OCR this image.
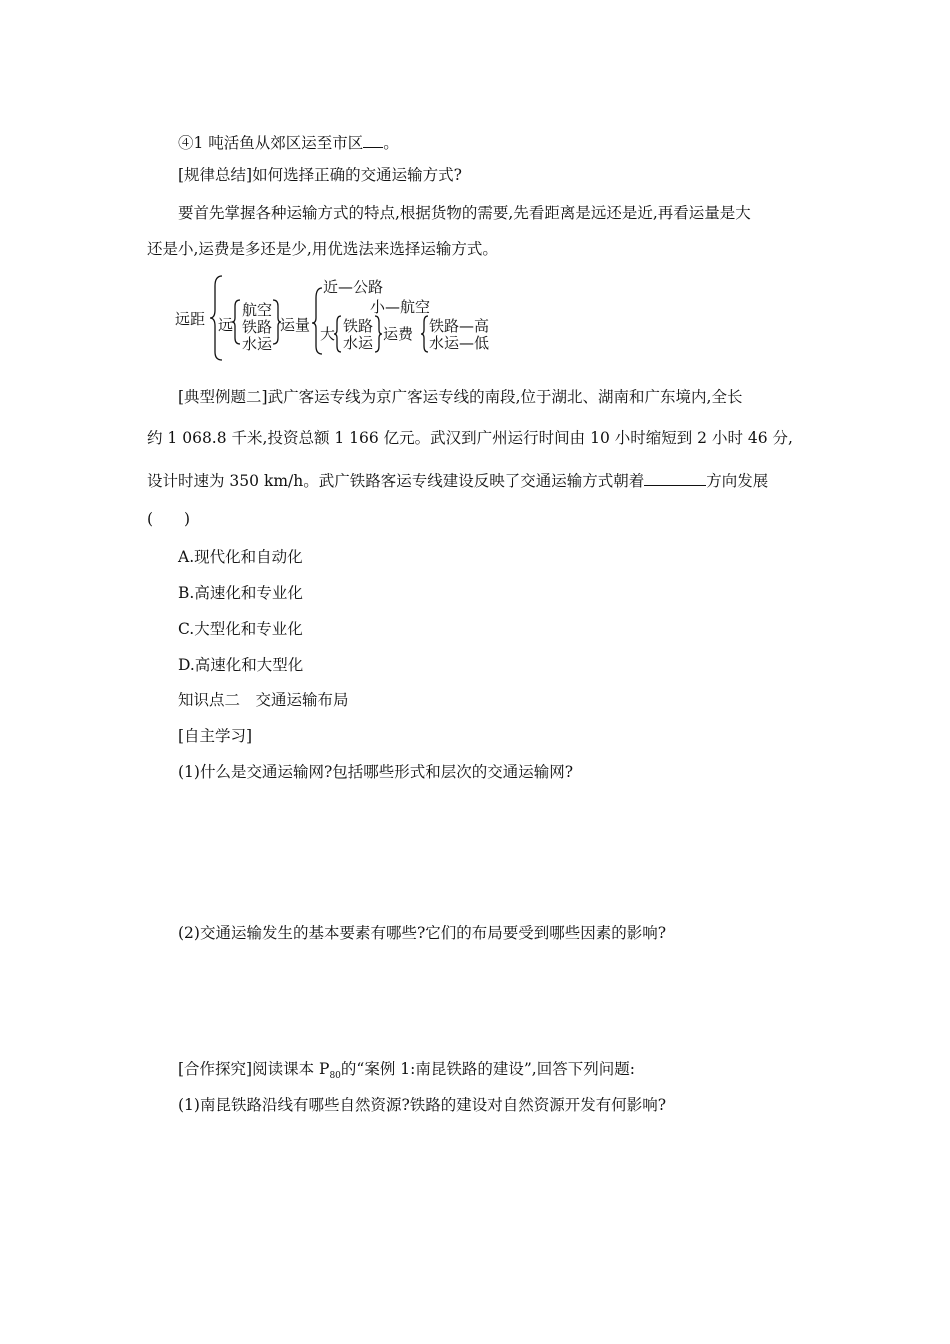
④1 吨活鱼从郊区运至市区 。
[规律总结]如何选择正确的交通运输方式?
要首先掌握各种运输方式的特点,根据货物的需要,先看距离是远还是近,再看运量是大
还是小,运费是多还是少,用优选法来选择运输方式。
远距 远
航空
铁路
水运
运量
近—公路
小—航空
大 铁路
水运 运费 铁路—高
水运—低
[典型例题二]武广客运专线为京广客运专线的南段,位于湖北、湖南和广东境内,全长
约 1 068.8 千米,投资总额 1 166 亿元。武汉到广州运行时间由 10 小时缩短到 2 小时 46 分,
设计时速为 350 km/h。武广铁路客运专线建设反映了交通运输方式朝着	方向发展
(　　)
A.现代化和自动化
B.高速化和专业化
C.大型化和专业化
D.高速化和大型化
知识点二　交通运输布局
[自主学习]
(1)什么是交通运输网?包括哪些形式和层次的交通运输网?
(2)交通运输发生的基本要素有哪些?它们的布局要受到哪些因素的影响?
[合作探究]阅读课本 $P_{80}$的“案例 1:南昆铁路的建设”,回答下列问题:
(1)南昆铁路沿线有哪些自然资源?铁路的建设对自然资源开发有何影响?
